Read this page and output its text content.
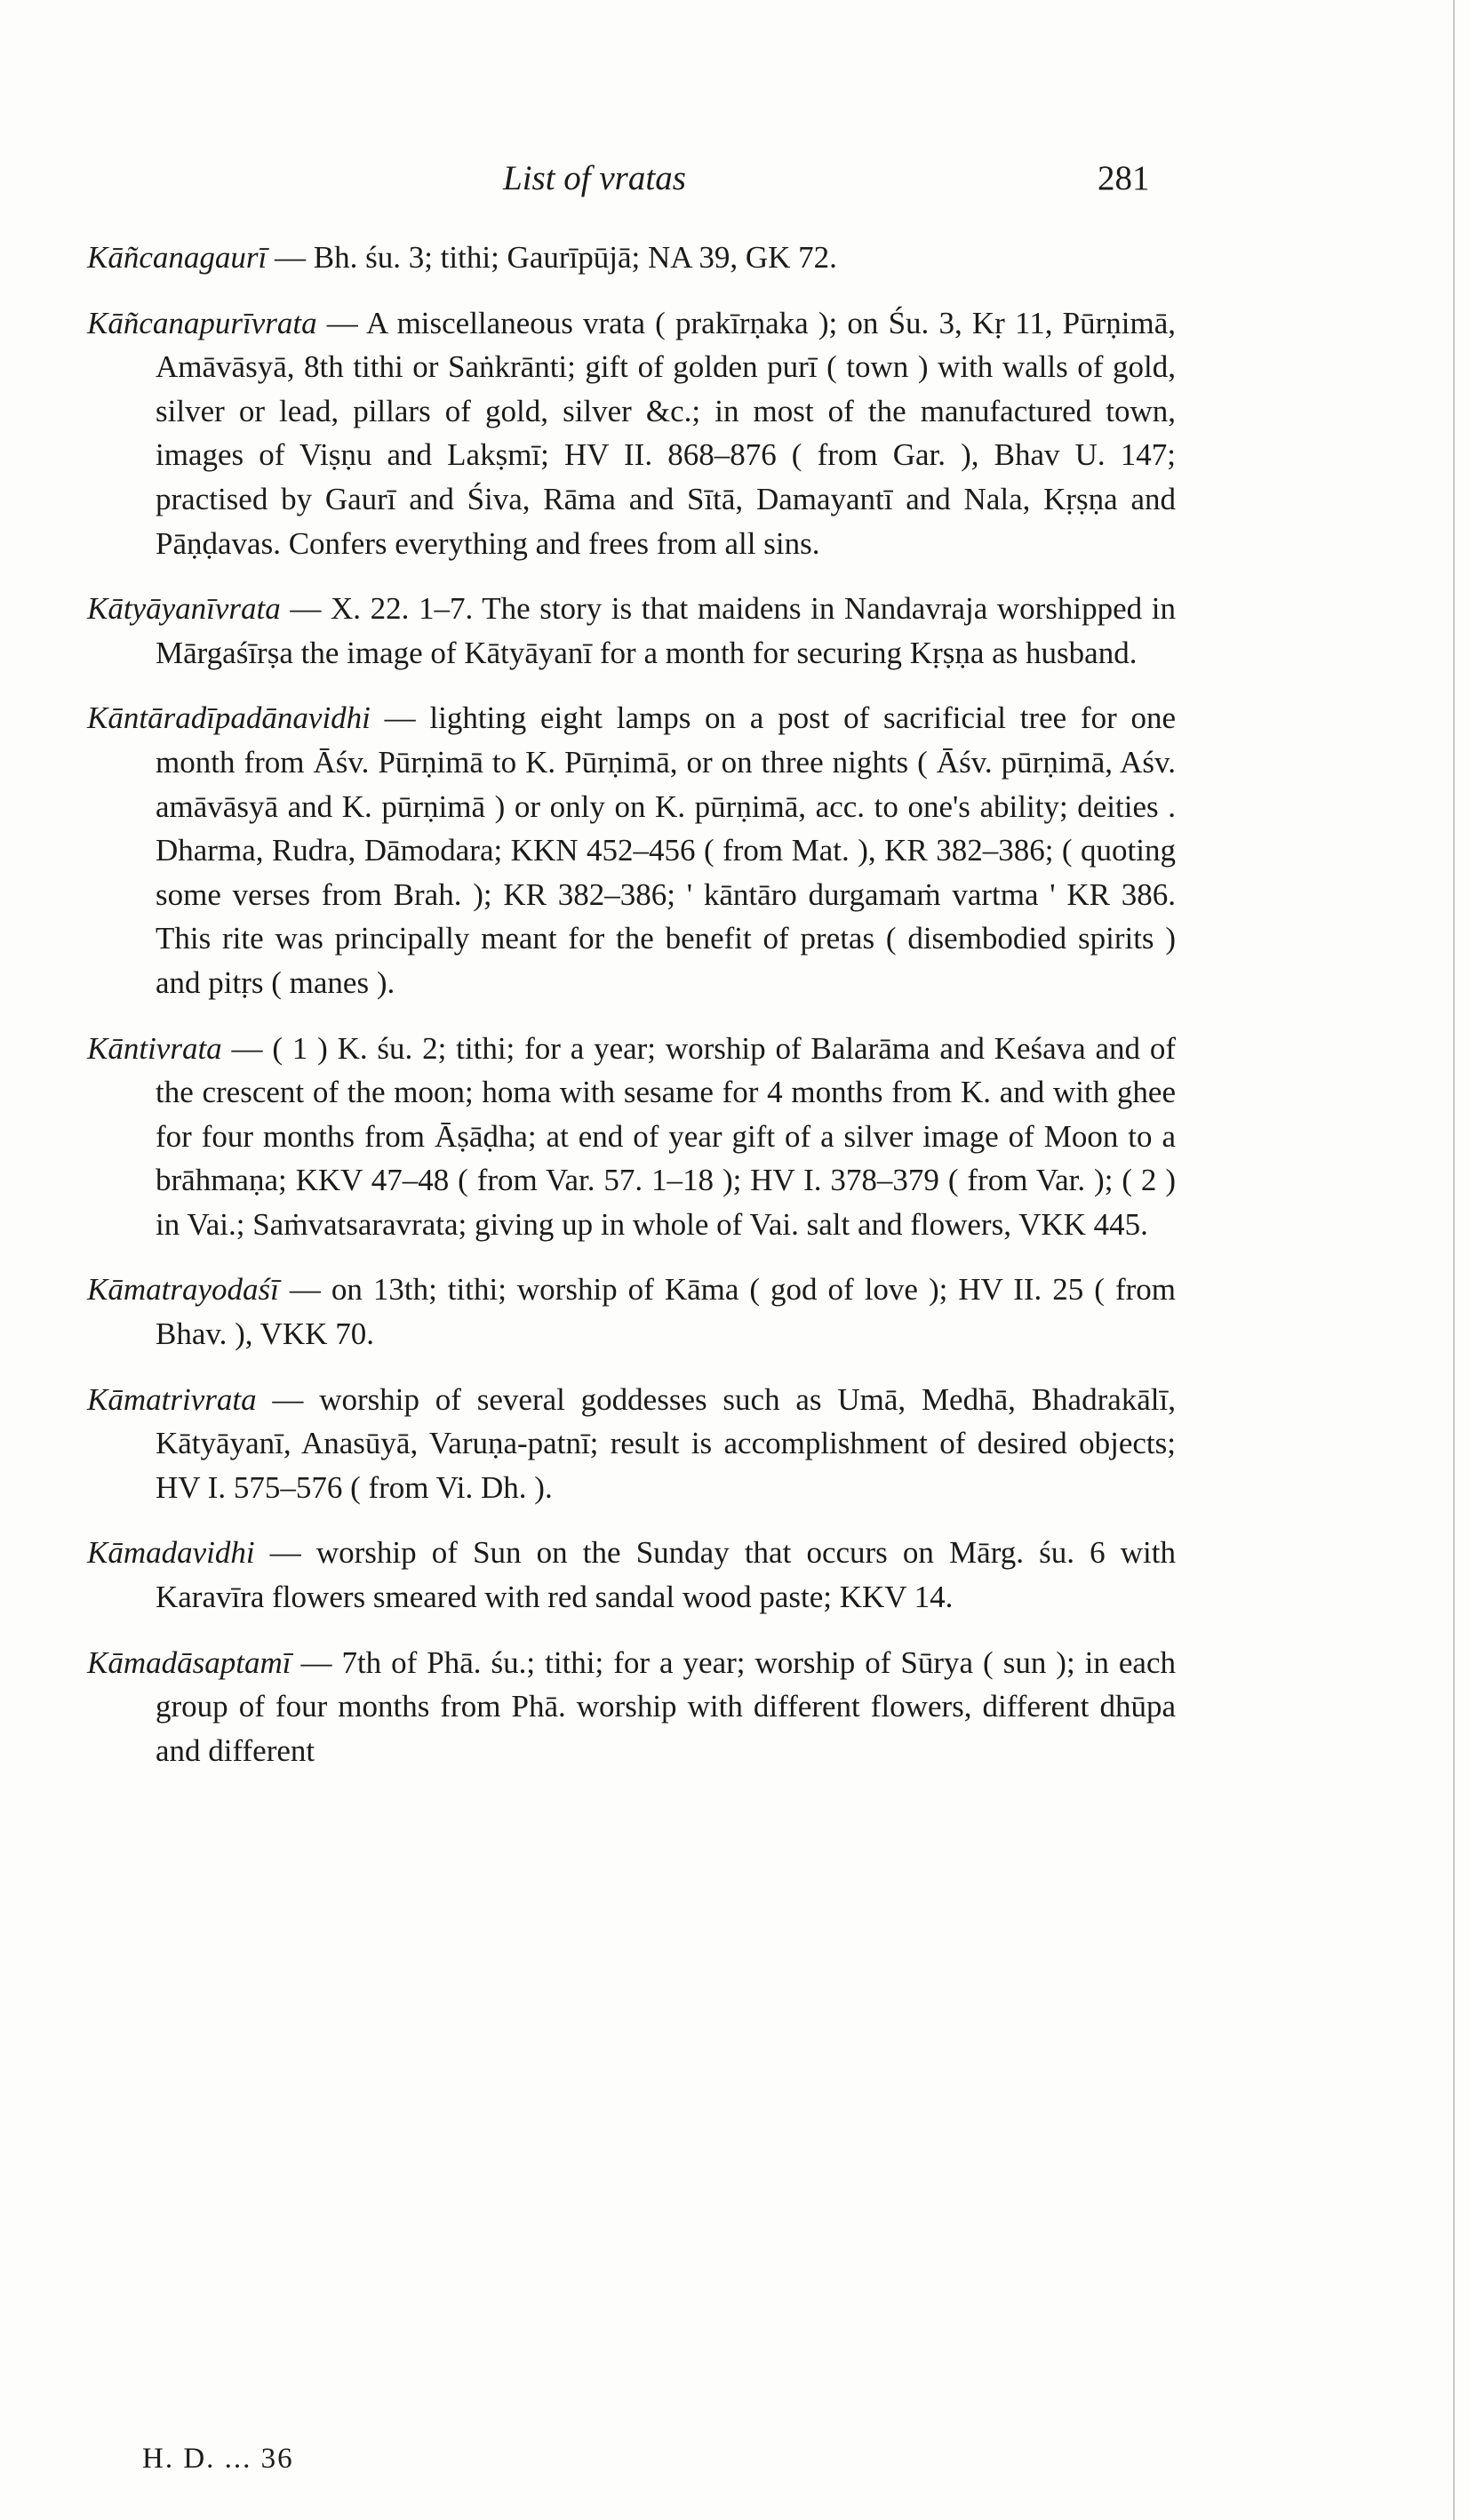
List of vratas	281

Kāñcanagaurī — Bh. śu. 3; tithi; Gaurīpūjā; NA 39, GK 72.

Kāñcanapurīvrata — A miscellaneous vrata ( prakīrṇaka ); on Śu. 3, Kṛ 11, Pūrṇimā, Amāvāsyā, 8th tithi or Saṅkrānti; gift of golden purī ( town ) with walls of gold, silver or lead, pillars of gold, silver &c.; in most of the manufactured town, images of Viṣṇu and Lakṣmī; HV II. 868–876 ( from Gar. ), Bhav U. 147; practised by Gaurī and Śiva, Rāma and Sītā, Damayantī and Nala, Kṛṣṇa and Pāṇḍavas. Confers everything and frees from all sins.

Kātyāyanīvrata — X. 22. 1–7. The story is that maidens in Nandavraja worshipped in Mārgaśīrṣa the image of Kātyāyanī for a month for securing Kṛṣṇa as husband.

Kāntāradīpadānavidhi — lighting eight lamps on a post of sacrificial tree for one month from Āśv. Pūrṇimā to K. Pūrṇimā, or on three nights ( Āśv. pūrṇimā, Aśv. amāvāsyā and K. pūrṇimā ) or only on K. pūrṇimā, acc. to one's ability; deities . Dharma, Rudra, Dāmodara; KKN 452–456 ( from Mat. ), KR 382–386; ( quoting some verses from Brah. ); KR 382–386; ' kāntāro durgamaṁ vartma ' KR 386. This rite was principally meant for the benefit of pretas ( disembodied spirits ) and pitṛs ( manes ).

Kāntivrata — ( 1 ) K. śu. 2; tithi; for a year; worship of Balarāma and Keśava and of the crescent of the moon; homa with sesame for 4 months from K. and with ghee for four months from Āṣāḍha; at end of year gift of a silver image of Moon to a brāhmaṇa; KKV 47–48 ( from Var. 57. 1–18 ); HV I. 378–379 ( from Var. ); ( 2 ) in Vai.; Saṁvatsaravrata; giving up in whole of Vai. salt and flowers, VKK 445.

Kāmatrayodaśī — on 13th; tithi; worship of Kāma ( god of love ); HV II. 25 ( from Bhav. ), VKK 70.

Kāmatrivrata — worship of several goddesses such as Umā, Medhā, Bhadrakālī, Kātyāyanī, Anasūyā, Varuṇa-patnī; result is accomplishment of desired objects; HV I. 575–576 ( from Vi. Dh. ).

Kāmadavidhi — worship of Sun on the Sunday that occurs on Mārg. śu. 6 with Karavīra flowers smeared with red sandal wood paste; KKV 14.

Kāmadāsaptamī — 7th of Phā. śu.; tithi; for a year; worship of Sūrya ( sun ); in each group of four months from Phā. worship with different flowers, different dhūpa and different

H. D. ... 36
